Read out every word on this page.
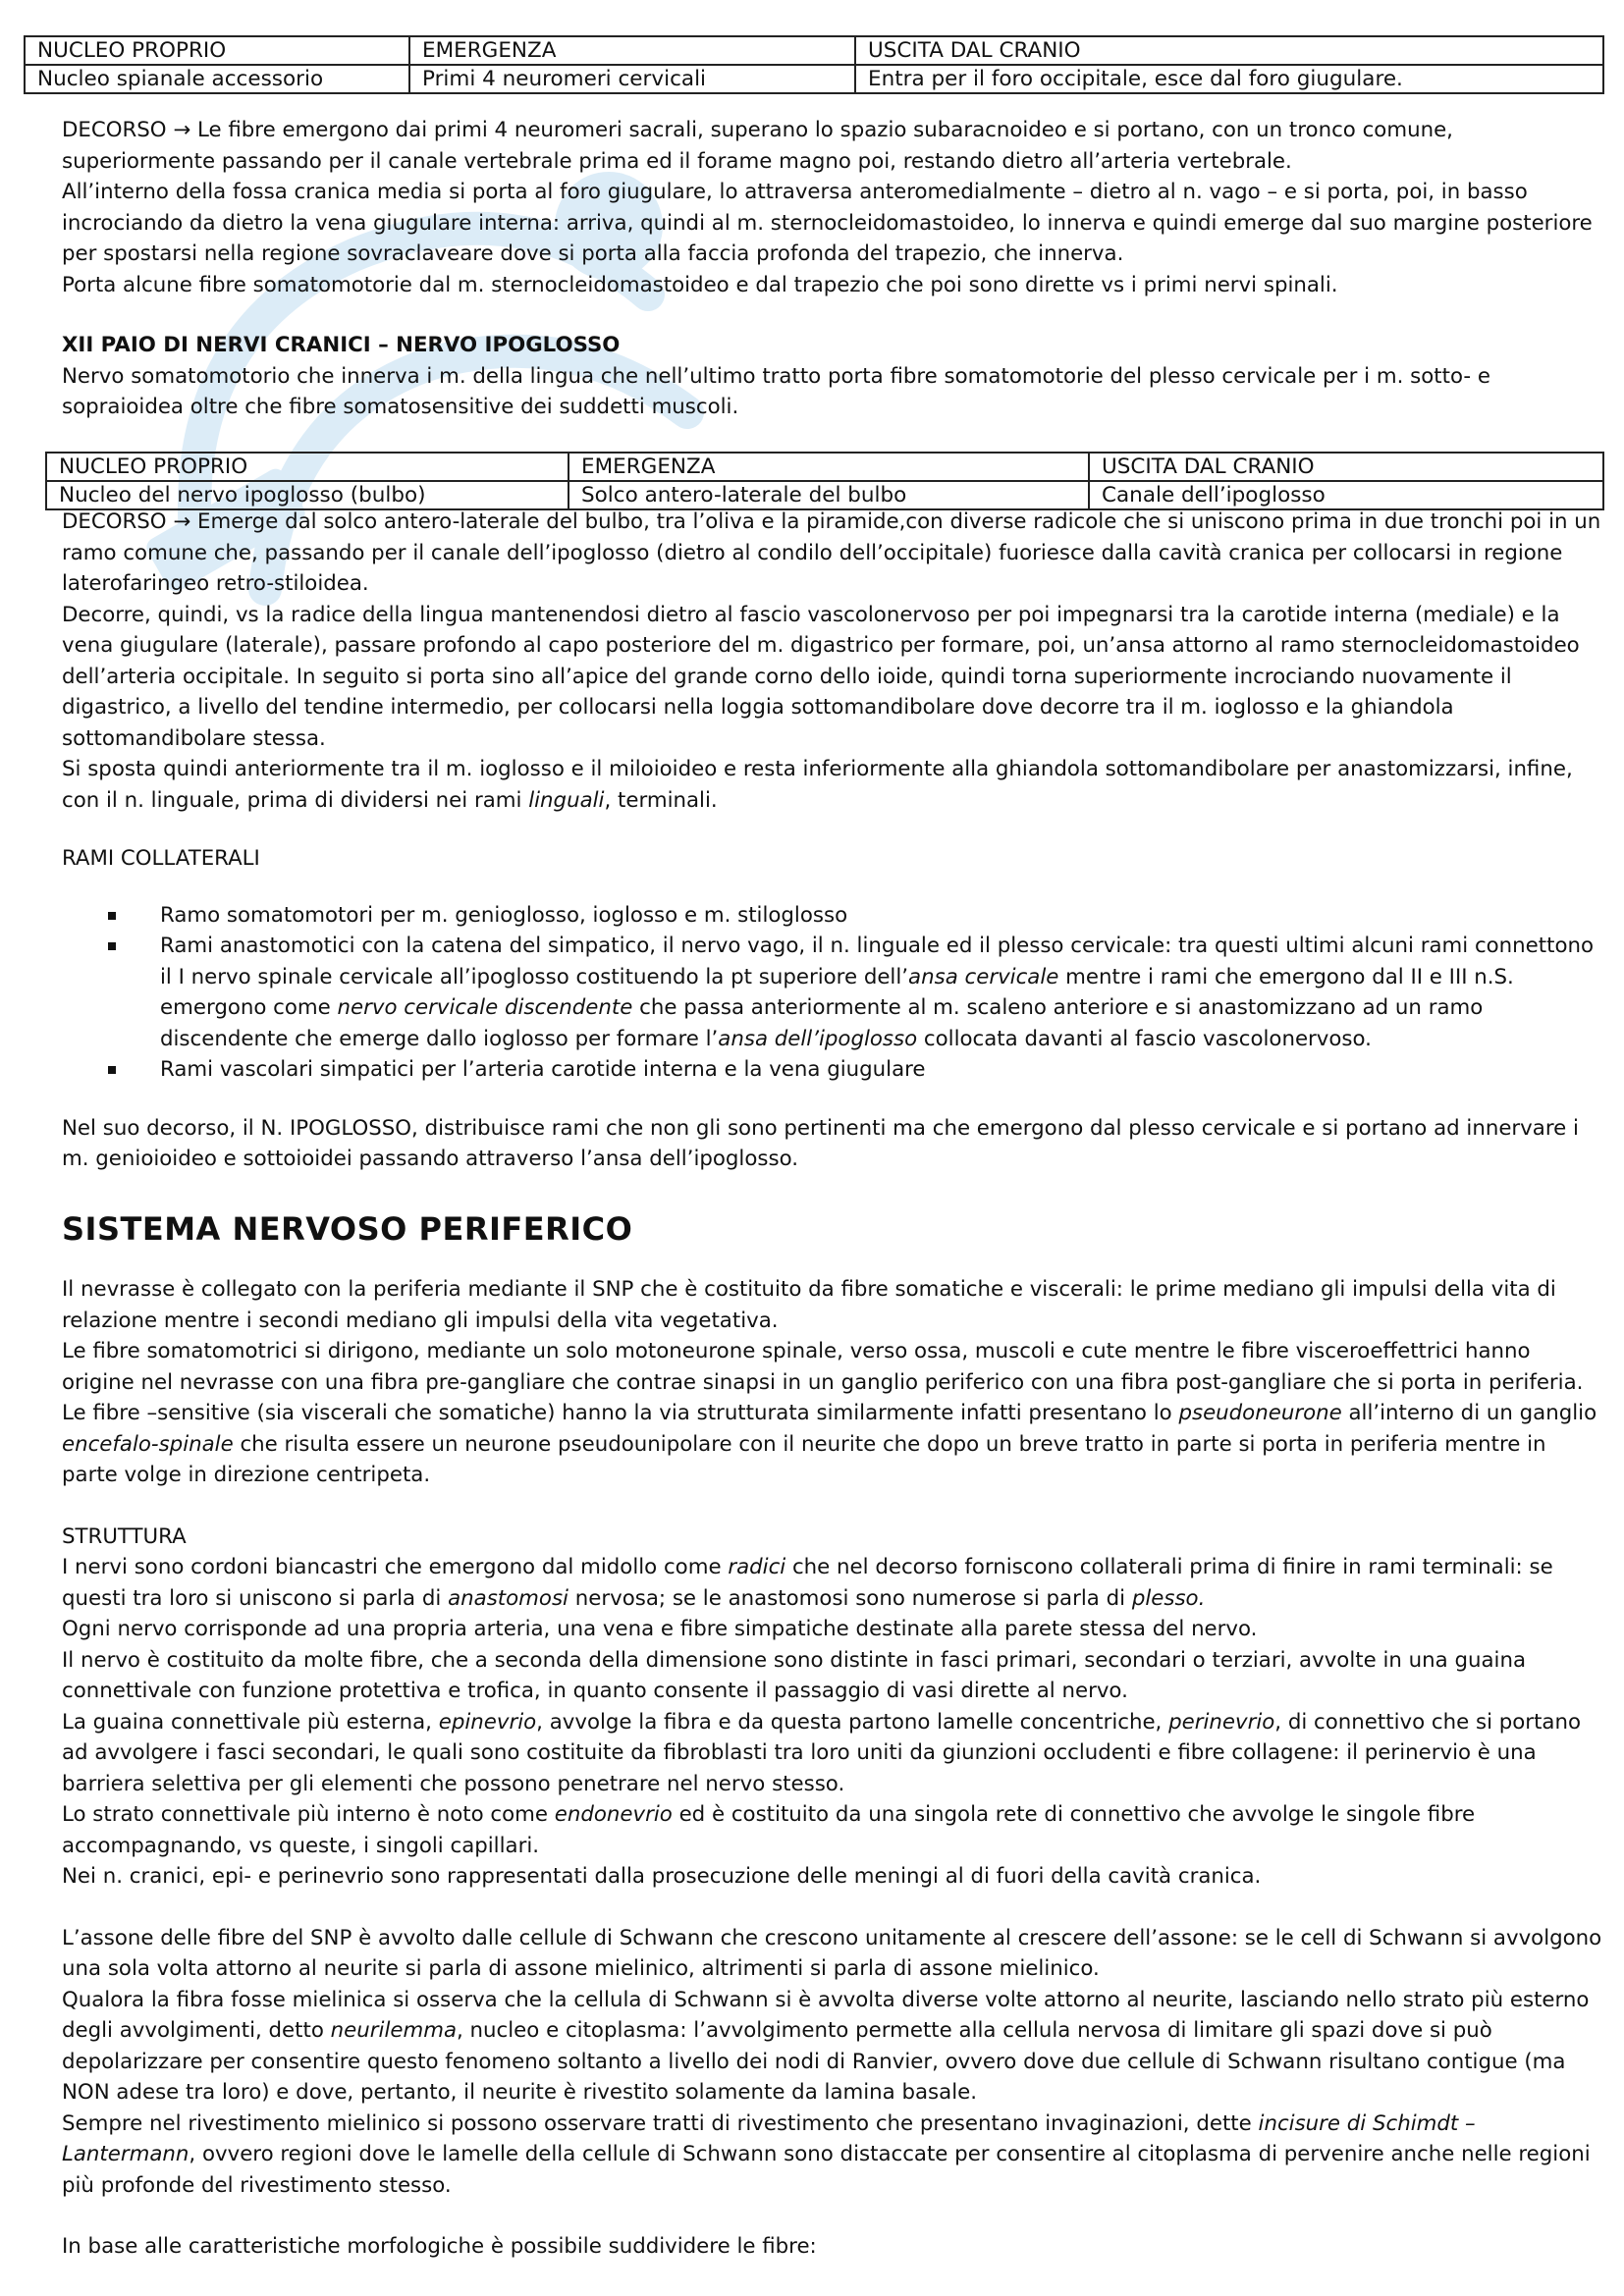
NUCLEO PROPRIO	EMERGENZA	USCITA DAL CRANIO
Nucleo spianale accessorio	Primi 4 neuromeri cervicali	Entra per il foro occipitale, esce dal foro giugulare.

DECORSO → Le fibre emergono dai primi 4 neuromeri sacrali, superano lo spazio subaracnoideo e si portano, con un tronco comune, superiormente passando per il canale vertebrale prima ed il forame magno poi, restando dietro all’arteria vertebrale.

All’interno della fossa cranica media si porta al foro giugulare, lo attraversa anteromedialmente – dietro al n. vago – e si porta, poi, in basso incrociando da dietro la vena giugulare interna: arriva, quindi al m. sternocleidomastoideo, lo innerva e quindi emerge dal suo margine posteriore per spostarsi nella regione sovraclaveare dove si porta alla faccia profonda del trapezio, che innerva.

Porta alcune fibre somatomotorie dal m. sternocleidomastoideo e dal trapezio che poi sono dirette vs i primi nervi spinali.

XII PAIO DI NERVI CRANICI – NERVO IPOGLOSSO

Nervo somatomotorio che innerva i m. della lingua che nell’ultimo tratto porta fibre somatomotorie del plesso cervicale per i m. sotto- e sopraioidea oltre che fibre somatosensitive dei suddetti muscoli.

NUCLEO PROPRIO	EMERGENZA	USCITA DAL CRANIO
Nucleo del nervo ipoglosso (bulbo)	Solco antero-laterale del bulbo	Canale dell’ipoglosso

DECORSO → Emerge dal solco antero-laterale del bulbo, tra l’oliva e la piramide,con diverse radicole che si uniscono prima in due tronchi poi in un ramo comune che, passando per il canale dell’ipoglosso (dietro al condilo dell’occipitale) fuoriesce dalla cavità cranica per collocarsi in regione laterofaringeo retro-stiloidea.

Decorre, quindi, vs la radice della lingua mantenendosi dietro al fascio vascolonervoso per poi impegnarsi tra la carotide interna (mediale) e la vena giugulare (laterale), passare profondo al capo posteriore del m. digastrico per formare, poi, un’ansa attorno al ramo sternocleidomastoideo dell’arteria occipitale. In seguito si porta sino all’apice del grande corno dello ioide, quindi torna superiormente incrociando nuovamente il digastrico, a livello del tendine intermedio, per collocarsi nella loggia sottomandibolare dove decorre tra il m. ioglosso e la ghiandola sottomandibolare stessa.

Si sposta quindi anteriormente tra il m. ioglosso e il miloioideo e resta inferiormente alla ghiandola sottomandibolare per anastomizzarsi, infine, con il n. linguale, prima di dividersi nei rami linguali, terminali.

RAMI COLLATERALI

Ramo somatomotori per m. genioglosso, ioglosso e m. stiloglosso
Rami anastomotici con la catena del simpatico, il nervo vago, il n. linguale ed il plesso cervicale: tra questi ultimi alcuni rami connettono il I nervo spinale cervicale all’ipoglosso costituendo la pt superiore dell’ansa cervicale mentre i rami che emergono dal II e III n.S. emergono come nervo cervicale discendente che passa anteriormente al m. scaleno anteriore e si anastomizzano ad un ramo discendente che emerge dallo ioglosso per formare l’ansa dell’ipoglosso collocata davanti al fascio vascolonervoso.
Rami vascolari simpatici per l’arteria carotide interna e la vena giugulare

Nel suo decorso, il N. IPOGLOSSO, distribuisce rami che non gli sono pertinenti ma che emergono dal plesso cervicale e si portano ad innervare i m. genioioideo e sottoioidei passando attraverso l’ansa dell’ipoglosso.

SISTEMA NERVOSO PERIFERICO

Il nevrasse è collegato con la periferia mediante il SNP che è costituito da fibre somatiche e viscerali: le prime mediano gli impulsi della vita di relazione mentre i secondi mediano gli impulsi della vita vegetativa.

Le fibre somatomotrici si dirigono, mediante un solo motoneurone spinale, verso ossa, muscoli e cute mentre le fibre visceroeffettrici hanno origine nel nevrasse con una fibra pre-gangliare che contrae sinapsi in un ganglio periferico con una fibra post-gangliare che si porta in periferia.

Le fibre –sensitive (sia viscerali che somatiche) hanno la via strutturata similarmente infatti presentano lo pseudoneurone all’interno di un ganglio encefalo-spinale che risulta essere un neurone pseudounipolare con il neurite che dopo un breve tratto in parte si porta in periferia mentre in parte volge in direzione centripeta.

STRUTTURA

I nervi sono cordoni biancastri che emergono dal midollo come radici che nel decorso forniscono collaterali prima di finire in rami terminali: se questi tra loro si uniscono si parla di anastomosi nervosa; se le anastomosi sono numerose si parla di plesso.

Ogni nervo corrisponde ad una propria arteria, una vena e fibre simpatiche destinate alla parete stessa del nervo.

Il nervo è costituito da molte fibre, che a seconda della dimensione sono distinte in fasci primari, secondari o terziari, avvolte in una guaina connettivale con funzione protettiva e trofica, in quanto consente il passaggio di vasi dirette al nervo.

La guaina connettivale più esterna, epinevrio, avvolge la fibra e da questa partono lamelle concentriche, perinevrio, di connettivo che si portano ad avvolgere i fasci secondari, le quali sono costituite da fibroblasti tra loro uniti da giunzioni occludenti e fibre collagene: il perinervio è una barriera selettiva per gli elementi che possono penetrare nel nervo stesso.

Lo strato connettivale più interno è noto come endonevrio ed è costituito da una singola rete di connettivo che avvolge le singole fibre accompagnando, vs queste, i singoli capillari.

Nei n. cranici, epi- e perinevrio sono rappresentati dalla prosecuzione delle meningi al di fuori della cavità cranica.

L’assone delle fibre del SNP è avvolto dalle cellule di Schwann che crescono unitamente al crescere dell’assone: se le cell di Schwann si avvolgono una sola volta attorno al neurite si parla di assone mielinico, altrimenti si parla di assone mielinico.

Qualora la fibra fosse mielinica si osserva che la cellula di Schwann si è avvolta diverse volte attorno al neurite, lasciando nello strato più esterno degli avvolgimenti, detto neurilemma, nucleo e citoplasma: l’avvolgimento permette alla cellula nervosa di limitare gli spazi dove si può depolarizzare per consentire questo fenomeno soltanto a livello dei nodi di Ranvier, ovvero dove due cellule di Schwann risultano contigue (ma NON adese tra loro) e dove, pertanto, il neurite è rivestito solamente da lamina basale.

Sempre nel rivestimento mielinico si possono osservare tratti di rivestimento che presentano invaginazioni, dette incisure di Schimdt – Lantermann, ovvero regioni dove le lamelle della cellule di Schwann sono distaccate per consentire al citoplasma di pervenire anche nelle regioni più profonde del rivestimento stesso.

In base alle caratteristiche morfologiche è possibile suddividere le fibre:
